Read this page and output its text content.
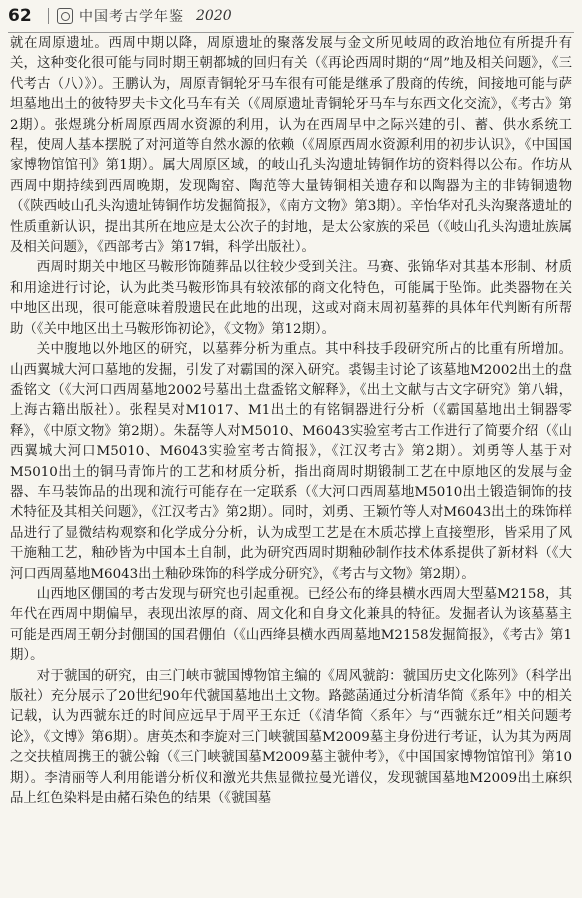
62	中国考古学年鉴 2020

就在周原遗址。西周中期以降，周原遗址的聚落发展与金文所见岐周的政治地位有所提升有关，这种变化很可能与同时期王朝都城的回归有关（《再论西周时期的“周”地及相关问题》，《三代考古（八）》）。王鹏认为，周原青铜轮牙马车很有可能是继承了殷商的传统，间接地可能与萨坦墓地出土的彼特罗夫卡文化马车有关（《周原遗址青铜轮牙马车与东西文化交流》，《考古》第2期）。张煜珧分析周原西周水资源的利用，认为在西周早中之际兴建的引、蓄、供水系统工程，使周人基本摆脱了对河道等自然水源的依赖（《周原西周水资源利用的初步认识》，《中国国家博物馆馆刊》第1期）。属大周原区域，的岐山孔头沟遗址铸铜作坊的资料得以公布。作坊从西周中期持续到西周晚期，发现陶窑、陶范等大量铸铜相关遗存和以陶器为主的非铸铜遗物（《陕西岐山孔头沟遗址铸铜作坊发掘简报》，《南方文物》第3期）。辛怡华对孔头沟聚落遗址的性质重新认识，提出其所在地应是太公次子的封地，是太公家族的采邑（《岐山孔头沟遗址族属及相关问题》，《西部考古》第17辑，科学出版社）。

西周时期关中地区马鞍形饰随葬品以往较少受到关注。马赛、张锦华对其基本形制、材质和用途进行讨论，认为此类马鞍形饰具有较浓郁的商文化特色，可能属于坠饰。此类器物在关中地区出现，很可能意味着殷遗民在此地的出现，这或对商末周初墓葬的具体年代判断有所帮助（《关中地区出土马鞍形饰初论》，《文物》第12期）。

关中腹地以外地区的研究，以墓葬分析为重点。其中科技手段研究所占的比重有所增加。山西翼城大河口墓地的发掘，引发了对霸国的深入研究。裘锡圭讨论了该墓地M2002出土的盘盉铭文（《大河口西周墓地2002号墓出土盘盉铭文解释》，《出土文献与古文字研究》第八辑，上海古籍出版社）。张程昊对M1017、M1出土的有铭铜器进行分析（《霸国墓地出土铜器零释》，《中原文物》第2期）。朱磊等人对M5010、M6043实验室考古工作进行了简要介绍（《山西翼城大河口M5010、M6043实验室考古简报》，《江汉考古》第2期）。刘勇等人基于对M5010出土的铜马青饰片的工艺和材质分析，指出商周时期锻制工艺在中原地区的发展与金器、车马装饰品的出现和流行可能存在一定联系（《大河口西周墓地M5010出土锻造铜饰的技术特征及其相关问题》，《江汉考古》第2期）。同时，刘勇、王颖竹等人对M6043出土的珠饰样品进行了显微结构观察和化学成分分析，认为成型工艺是在木质芯撑上直接塑形，皆采用了风干施釉工艺，釉砂皆为中国本土自制，此为研究西周时期釉砂制作技术体系提供了新材料（《大河口西周墓地M6043出土釉砂珠饰的科学成分研究》，《考古与文物》第2期）。

山西地区倗国的考古发现与研究也引起重视。已经公布的绛县横水西周大型墓M2158，其年代在西周中期偏早，表现出浓厚的商、周文化和自身文化兼具的特征。发掘者认为该墓墓主可能是西周王朝分封倗国的国君倗伯（《山西绛县横水西周墓地M2158发掘简报》，《考古》第1期）。

对于虢国的研究，由三门峡市虢国博物馆主编的《周风虢韵：虢国历史文化陈列》（科学出版社）充分展示了20世纪90年代虢国墓地出土文物。路懿菡通过分析清华简《系年》中的相关记载，认为西虢东迁的时间应远早于周平王东迁（《清华简〈系年〉与“西虢东迁”相关问题考论》，《文博》第6期）。唐英杰和李旋对三门峡虢国墓M2009墓主身份进行考证，认为其为两周之交扶植周携王的虢公翰（《三门峡虢国墓M2009墓主虢仲考》，《中国国家博物馆馆刊》第10期）。李清丽等人利用能谱分析仪和激光共焦显微拉曼光谱仪，发现虢国墓地M2009出土麻织品上红色染料是由赭石染色的结果（《虢国墓
